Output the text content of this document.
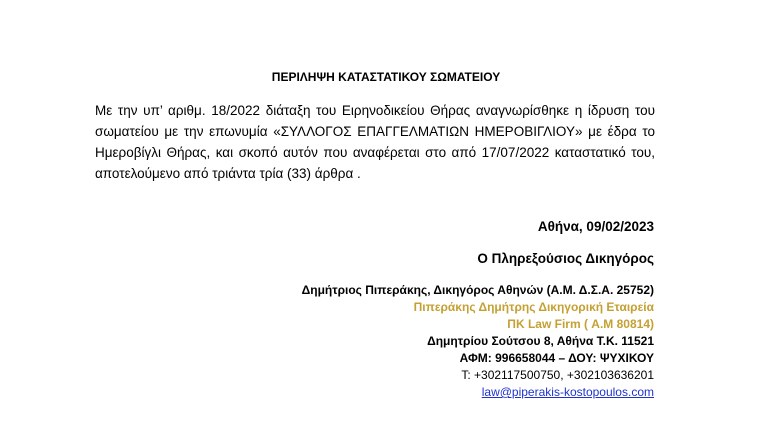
ΠΕΡΙΛΗΨΗ ΚΑΤΑΣΤΑΤΙΚΟΥ ΣΩΜΑΤΕΙΟΥ

Με την υπ’ αριθμ. 18/2022 διάταξη του Ειρηνοδικείου Θήρας αναγνωρίσθηκε η ίδρυση του σωματείου με την επωνυμία «ΣΥΛΛΟΓΟΣ ΕΠΑΓΓΕΛΜΑΤΙΩΝ ΗΜΕΡΟΒΙΓΛΙΟΥ» με έδρα το Ημεροβίγλι Θήρας, και σκοπό αυτόν που αναφέρεται στο από 17/07/2022 καταστατικό του, αποτελούμενο από τριάντα τρία (33) άρθρα .

Αθήνα, 09/02/2023
Ο Πληρεξούσιος Δικηγόρος
Δημήτριος Πιπεράκης, Δικηγόρος Αθηνών (Α.Μ. Δ.Σ.Α. 25752)
Πιπεράκης Δημήτρης Δικηγορική Εταιρεία
ΠΚ Law Firm ( Α.Μ 80814)
Δημητρίου Σούτσου 8, Αθήνα Τ.Κ. 11521
ΑΦΜ: 996658044 – ΔΟΥ: ΨΥΧΙΚΟΥ
Τ: +302117500750, +302103636201
law@piperakis-kostopoulos.com
